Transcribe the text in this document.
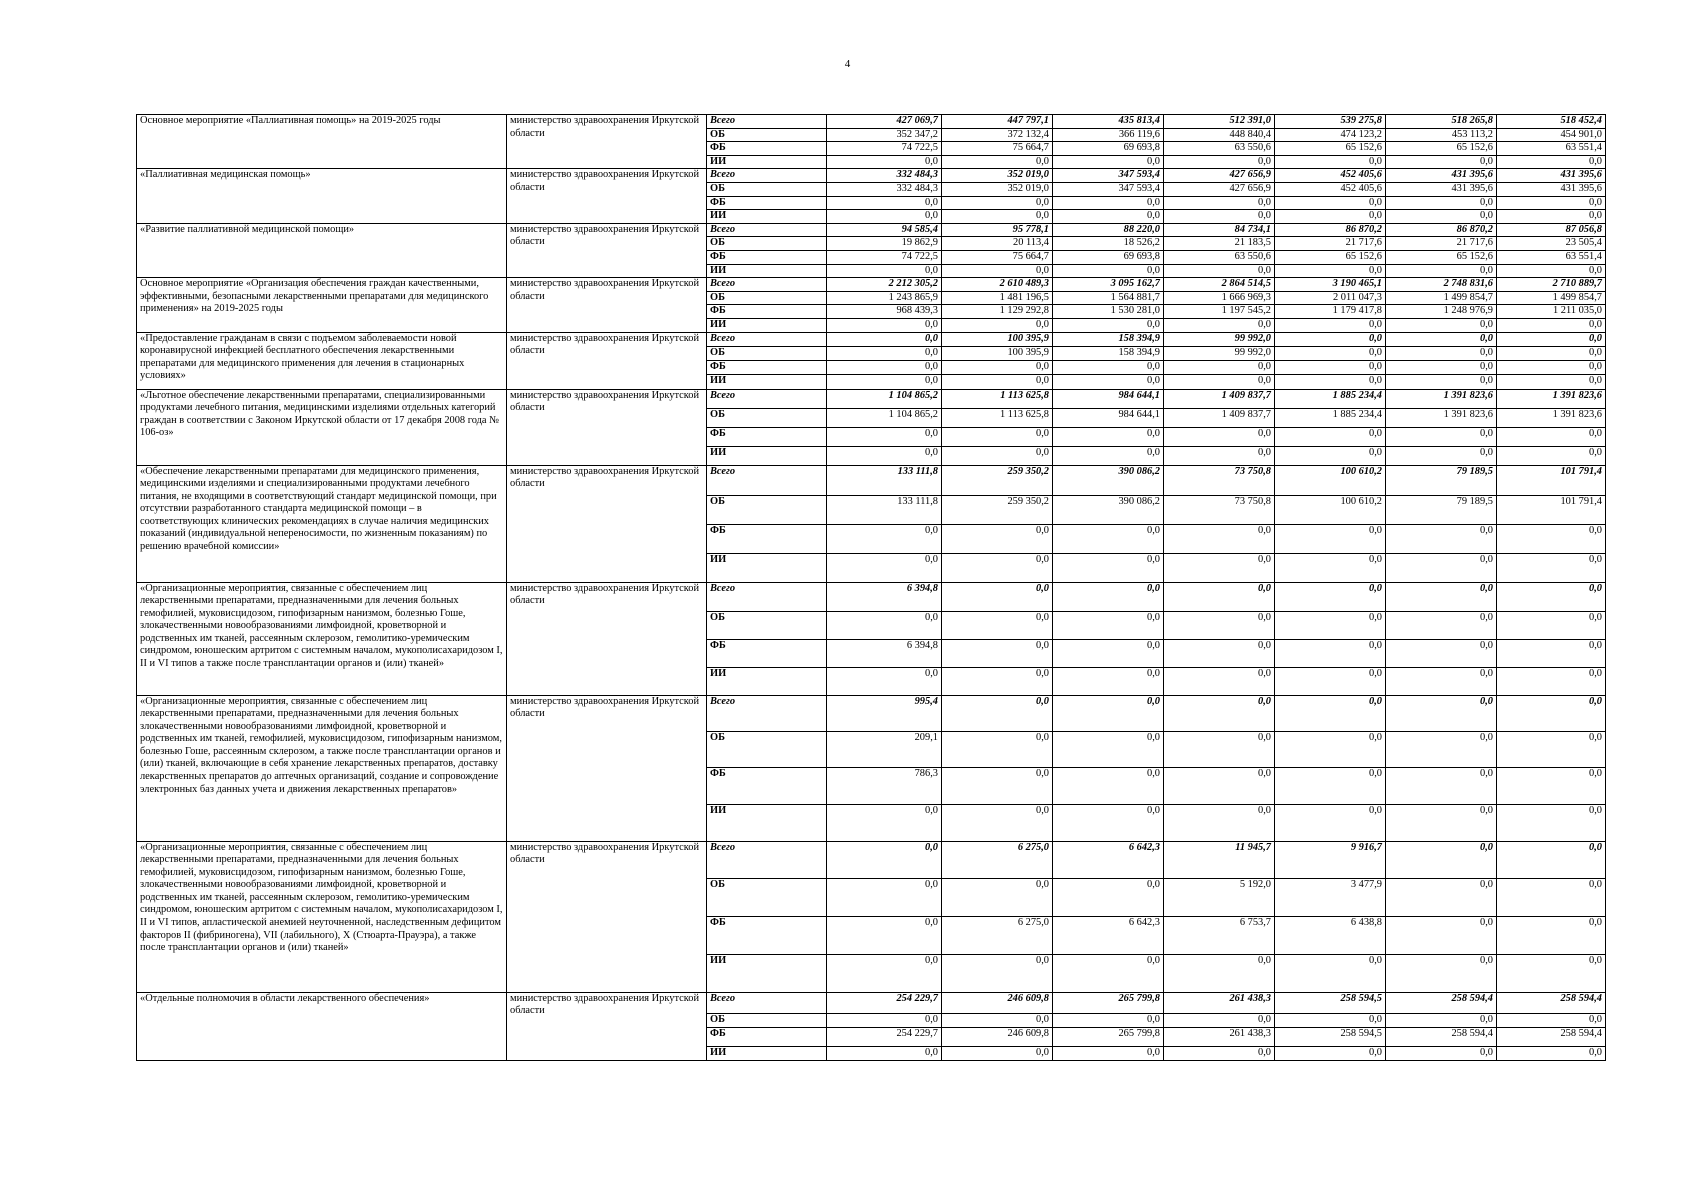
4
Основное мероприятие «Паллиативная помощь» на 2019-2025 годы	министерство здравоохранения Иркутской области	Всего	427 069,7	447 797,1	435 813,4	512 391,0	539 275,8	518 265,8	518 452,4
		ОБ	352 347,2	372 132,4	366 119,6	448 840,4	474 123,2	453 113,2	454 901,0
		ФБ	74 722,5	75 664,7	69 693,8	63 550,6	65 152,6	65 152,6	63 551,4
		ИИ	0,0	0,0	0,0	0,0	0,0	0,0	0,0
«Паллиативная медицинская помощь»	министерство здравоохранения Иркутской области	Всего	332 484,3	352 019,0	347 593,4	427 656,9	452 405,6	431 395,6	431 395,6
		ОБ	332 484,3	352 019,0	347 593,4	427 656,9	452 405,6	431 395,6	431 395,6
		ФБ	0,0	0,0	0,0	0,0	0,0	0,0	0,0
		ИИ	0,0	0,0	0,0	0,0	0,0	0,0	0,0
«Развитие паллиативной медицинской помощи»	министерство здравоохранения Иркутской области	Всего	94 585,4	95 778,1	88 220,0	84 734,1	86 870,2	86 870,2	87 056,8
		ОБ	19 862,9	20 113,4	18 526,2	21 183,5	21 717,6	21 717,6	23 505,4
		ФБ	74 722,5	75 664,7	69 693,8	63 550,6	65 152,6	65 152,6	63 551,4
		ИИ	0,0	0,0	0,0	0,0	0,0	0,0	0,0
Основное мероприятие «Организация обеспечения граждан качественными, эффективными, безопасными лекарственными препаратами для медицинского применения» на 2019-2025 годы	министерство здравоохранения Иркутской области	Всего	2 212 305,2	2 610 489,3	3 095 162,7	2 864 514,5	3 190 465,1	2 748 831,6	2 710 889,7
		ОБ	1 243 865,9	1 481 196,5	1 564 881,7	1 666 969,3	2 011 047,3	1 499 854,7	1 499 854,7
		ФБ	968 439,3	1 129 292,8	1 530 281,0	1 197 545,2	1 179 417,8	1 248 976,9	1 211 035,0
		ИИ	0,0	0,0	0,0	0,0	0,0	0,0	0,0
«Предоставление гражданам в связи с подъемом заболеваемости новой коронавирусной инфекцией бесплатного обеспечения лекарственными препаратами для медицинского применения для лечения в стационарных условиях»	министерство здравоохранения Иркутской области	Всего	0,0	100 395,9	158 394,9	99 992,0	0,0	0,0	0,0
		ОБ	0,0	100 395,9	158 394,9	99 992,0	0,0	0,0	0,0
		ФБ	0,0	0,0	0,0	0,0	0,0	0,0	0,0
		ИИ	0,0	0,0	0,0	0,0	0,0	0,0	0,0
«Льготное обеспечение лекарственными препаратами, специализированными продуктами лечебного питания, медицинскими изделиями отдельных категорий граждан в соответствии с Законом Иркутской области от 17 декабря 2008 года № 106-оз»	министерство здравоохранения Иркутской области	Всего	1 104 865,2	1 113 625,8	984 644,1	1 409 837,7	1 885 234,4	1 391 823,6	1 391 823,6
		ОБ	1 104 865,2	1 113 625,8	984 644,1	1 409 837,7	1 885 234,4	1 391 823,6	1 391 823,6
		ФБ	0,0	0,0	0,0	0,0	0,0	0,0	0,0
		ИИ	0,0	0,0	0,0	0,0	0,0	0,0	0,0
«Обеспечение лекарственными препаратами для медицинского применения, медицинскими изделиями и специализированными продуктами лечебного питания, не входящими в соответствующий стандарт медицинской помощи, при отсутствии разработанного стандарта медицинской помощи – в соответствующих клинических рекомендациях в случае наличия медицинских показаний (индивидуальной непереносимости, по жизненным показаниям) по решению врачебной комиссии»	министерство здравоохранения Иркутской области	Всего	133 111,8	259 350,2	390 086,2	73 750,8	100 610,2	79 189,5	101 791,4
		ОБ	133 111,8	259 350,2	390 086,2	73 750,8	100 610,2	79 189,5	101 791,4
		ФБ	0,0	0,0	0,0	0,0	0,0	0,0	0,0
		ИИ	0,0	0,0	0,0	0,0	0,0	0,0	0,0
«Организационные мероприятия, связанные с обеспечением лиц лекарственными препаратами, предназначенными для лечения больных гемофилией, муковисцидозом, гипофизарным нанизмом, болезнью Гоше, злокачественными новообразованиями лимфоидной, кроветворной и родственных им тканей, рассеянным склерозом, гемолитико-уремическим синдромом, юношеским артритом с системным началом, мукополисахаридозом I, II и VI типов а также после трансплантации органов и (или) тканей»	министерство здравоохранения Иркутской области	Всего	6 394,8	0,0	0,0	0,0	0,0	0,0	0,0
		ОБ	0,0	0,0	0,0	0,0	0,0	0,0	0,0
		ФБ	6 394,8	0,0	0,0	0,0	0,0	0,0	0,0
		ИИ	0,0	0,0	0,0	0,0	0,0	0,0	0,0
«Организационные мероприятия, связанные с обеспечением лиц лекарственными препаратами, предназначенными для лечения больных злокачественными новообразованиями лимфоидной, кроветворной и родственных им тканей, гемофилией, муковисцидозом, гипофизарным нанизмом, болезнью Гоше, рассеянным склерозом, а также после трансплантации органов и (или) тканей, включающие в себя хранение лекарственных препаратов, доставку лекарственных препаратов до аптечных организаций, создание и сопровождение электронных баз данных учета и движения лекарственных препаратов»	министерство здравоохранения Иркутской области	Всего	995,4	0,0	0,0	0,0	0,0	0,0	0,0
		ОБ	209,1	0,0	0,0	0,0	0,0	0,0	0,0
		ФБ	786,3	0,0	0,0	0,0	0,0	0,0	0,0
		ИИ	0,0	0,0	0,0	0,0	0,0	0,0	0,0
«Организационные мероприятия, связанные с обеспечением лиц лекарственными препаратами, предназначенными для лечения больных гемофилией, муковисцидозом, гипофизарным нанизмом, болезнью Гоше, злокачественными новообразованиями лимфоидной, кроветворной и родственных им тканей, рассеянным склерозом, гемолитико-уремическим синдромом, юношеским артритом с системным началом, мукополисахаридозом I, II и VI типов, апластической анемией неуточненной, наследственным дефицитом факторов II (фибриногена), VII (лабильного), X (Стюарта-Прауэра), а также после трансплантации органов и (или) тканей»	министерство здравоохранения Иркутской области	Всего	0,0	6 275,0	6 642,3	11 945,7	9 916,7	0,0	0,0
		ОБ	0,0	0,0	0,0	5 192,0	3 477,9	0,0	0,0
		ФБ	0,0	6 275,0	6 642,3	6 753,7	6 438,8	0,0	0,0
		ИИ	0,0	0,0	0,0	0,0	0,0	0,0	0,0
«Отдельные полномочия в области лекарственного обеспечения»	министерство здравоохранения Иркутской области	Всего	254 229,7	246 609,8	265 799,8	261 438,3	258 594,5	258 594,4	258 594,4
		ОБ	0,0	0,0	0,0	0,0	0,0	0,0	0,0
		ФБ	254 229,7	246 609,8	265 799,8	261 438,3	258 594,5	258 594,4	258 594,4
		ИИ	0,0	0,0	0,0	0,0	0,0	0,0	0,0
